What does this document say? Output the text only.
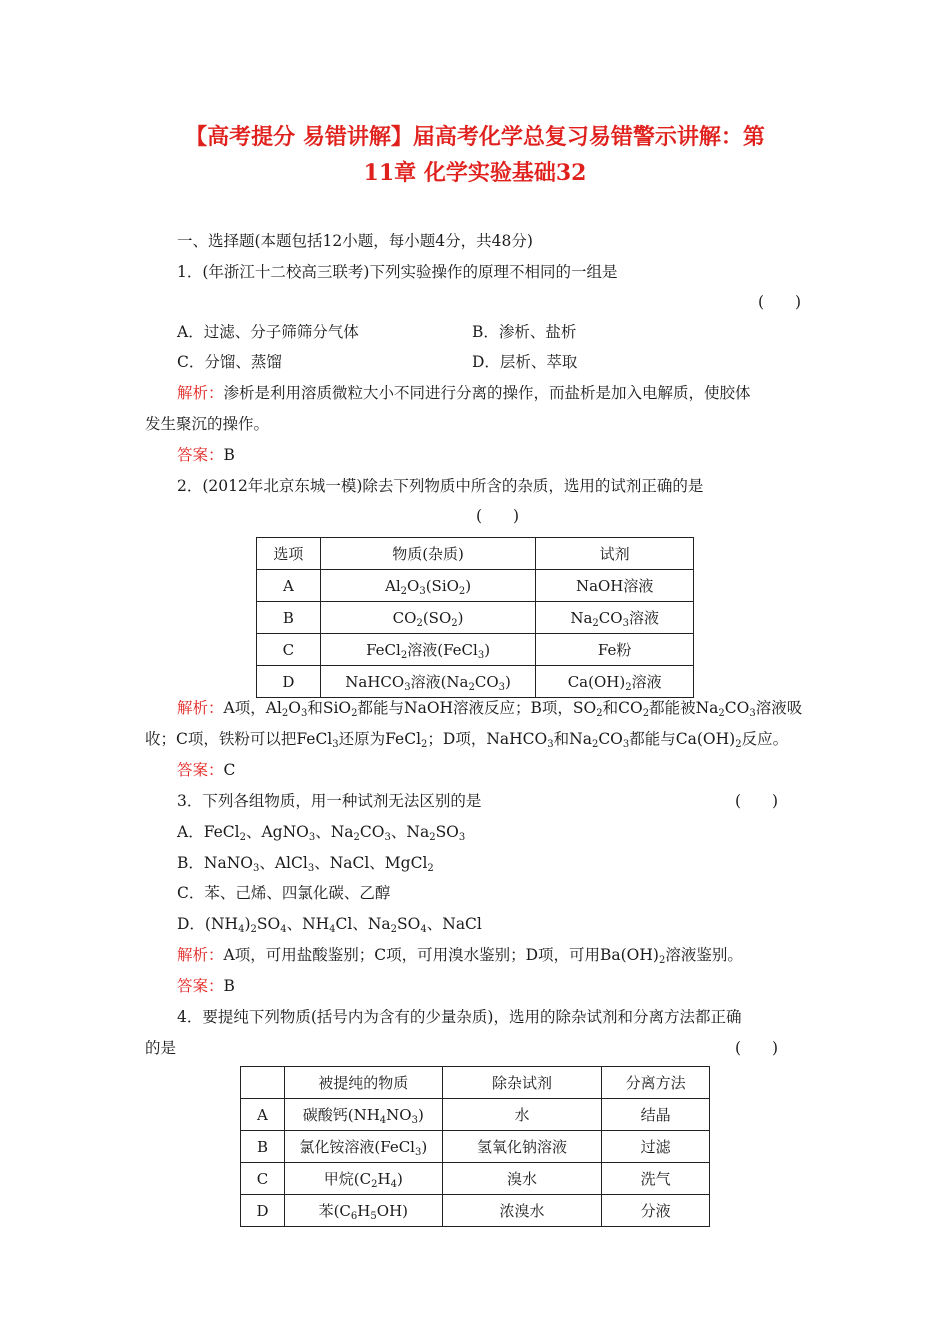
【高考提分 易错讲解】届高考化学总复习易错警示讲解：第
11章 化学实验基础32
一、选择题(本题包括12小题，每小题4分，共48分)
1．(年浙江十二校高三联考)下列实验操作的原理不相同的一组是
(　　)
A．过滤、分子筛筛分气体	B．渗析、盐析
C．分馏、蒸馏	D．层析、萃取
解析：渗析是利用溶质微粒大小不同进行分离的操作，而盐析是加入电解质，使胶体
发生聚沉的操作。
答案：B
2．(2012年北京东城一模)除去下列物质中所含的杂质，选用的试剂正确的是
(　　)
选项	物质(杂质)	试剂
A	$Al_2O_3(SiO_2)$	NaOH溶液
B	$CO_2(SO_2)$	$Na_2CO_3$溶液
C	FeCl$_2$溶液(FeCl$_3$)	Fe粉
D	NaHCO$_3$溶液$(Na_2CO_3)$	$Ca(OH)_2$溶液
解析：A项，$Al_2O_3$和SiO$_2$都能与NaOH溶液反应；B项，$SO_2$和$CO_2$都能被$Na_2CO_3$溶液吸
收；C项，铁粉可以把FeCl$_3$还原为FeCl$_2$；D项，NaHCO$_3$和$Na_2CO_3$都能与$Ca(OH)_2$反应。
答案：C
3．下列各组物质，用一种试剂无法区别的是	(　　)
A．FeCl$_2$、AgNO$_3$、$Na_2CO_3$、$Na_2SO_3$
B．NaNO$_3$、AlCl$_3$、NaCl、MgCl$_2$
C．苯、己烯、四氯化碳、乙醇
D．$(NH_4)_2SO_4$、$NH_4Cl$、$Na_2SO_4$、NaCl
解析：A项，可用盐酸鉴别；C项，可用溴水鉴别；D项，可用$Ba(OH)_2$溶液鉴别。
答案：B
4．要提纯下列物质(括号内为含有的少量杂质)，选用的除杂试剂和分离方法都正确
的是	(　　)
	被提纯的物质	除杂试剂	分离方法
A	碳酸钙$(NH_4NO_3)$	水	结晶
B	氯化铵溶液(FeCl$_3$)	氢氧化钠溶液	过滤
C	甲烷$(C_2H_4)$	溴水	洗气
D	苯$(C_6H_5OH)$	浓溴水	分液
